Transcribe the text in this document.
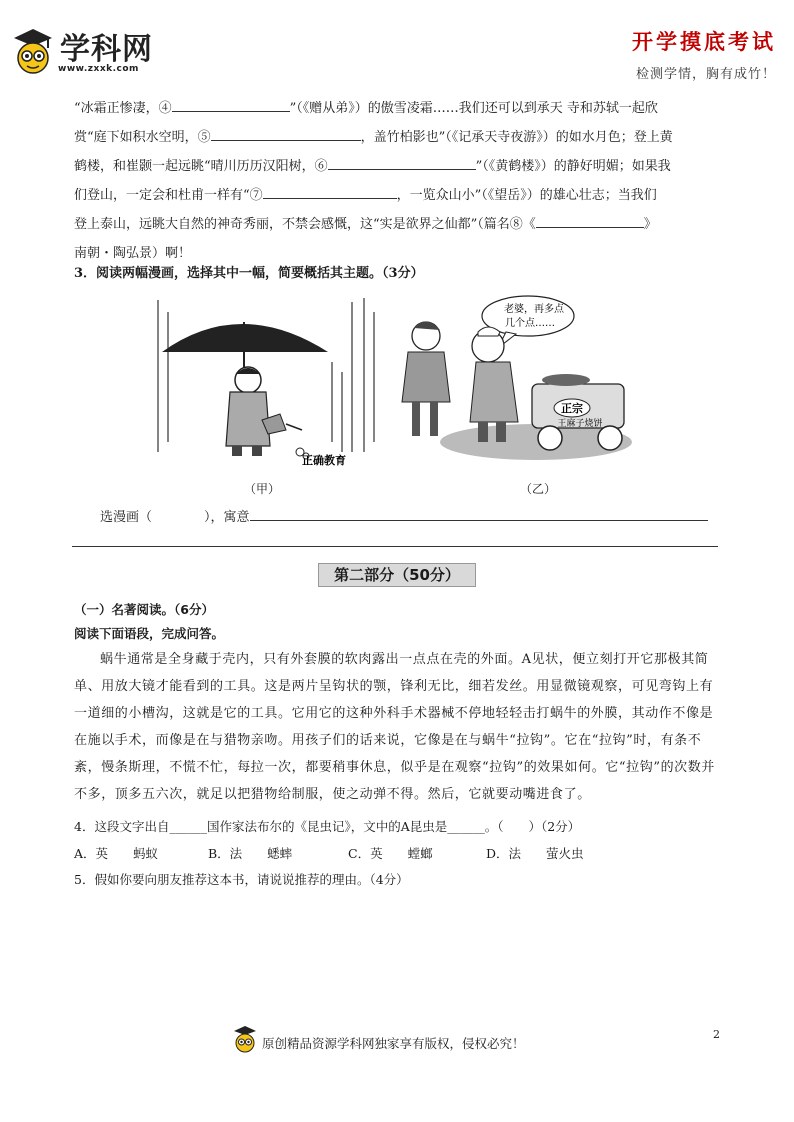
学科网
www.zxxk.com
开学摸底考试
检测学情，胸有成竹！
“冰霜正惨凄，④	”（《赠从弟》）的傲雪凌霜……我们还可以到承天 寺和苏轼一起欣
赏“庭下如积水空明，⑤	，盖竹柏影也”（《记承天寺夜游》）的如水月色；登上黄
鹤楼，和崔颢一起远眺“晴川历历汉阳树，⑥	”（《黄鹤楼》）的静好明媚；如果我
们登山，一定会和杜甫一样有“⑦	，一览众山小”（《望岳》）的雄心壮志；当我们
登上泰山，远眺大自然的神奇秀丽，不禁会感慨，这“实是欲界之仙都”（篇名⑧《	》
南朝・陶弘景）啊！
3．阅读两幅漫画，选择其中一幅，简要概括其主题。（3分）
正确教育
老婆，再多点
几个点……
正宗
王麻子烧饼
（甲）	（乙）
选漫画（	），寓意
第二部分（50分）
（一）名著阅读。（6分）
阅读下面语段，完成问答。
蜗牛通常是全身藏于壳内，只有外套膜的软肉露出一点点在壳的外面。A见状，便立刻打开它那极其简单、用放大镜才能看到的工具。这是两片呈钩状的颚，锋利无比，细若发丝。用显微镜观察，可见弯钩上有一道细的小槽沟，这就是它的工具。它用它的这种外科手术器械不停地轻轻击打蜗牛的外膜，其动作不像是在施以手术，而像是在与猎物亲吻。用孩子们的话来说，它像是在与蜗牛“拉钩”。它在“拉钩”时，有条不紊，慢条斯理，不慌不忙，每拉一次，都要稍事休息，似乎是在观察“拉钩”的效果如何。它“拉钩”的次数并不多，顶多五六次，就足以把猎物给制服，使之动弹不得。然后，它就要动嘴进食了。
4．这段文字出自______国作家法布尔的《昆虫记》，文中的A昆虫是______。（　　）（2分）
A．英　　蚂蚁	B．法　　蟋蟀	C．英　　螳螂	D．法　　萤火虫
5．假如你要向朋友推荐这本书，请说说推荐的理由。（4分）
原创精品资源学科网独家享有版权，侵权必究！
2
